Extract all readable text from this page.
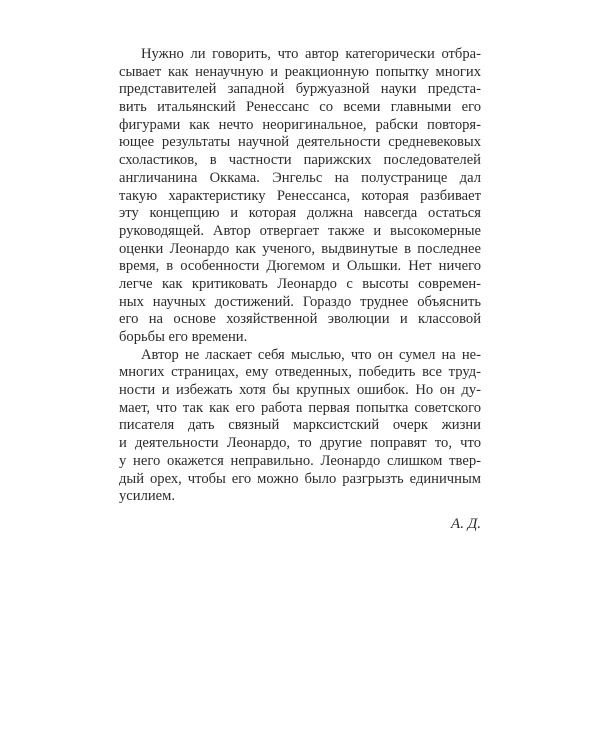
Нужно ли говорить, что автор категорически отбра-
сывает как ненаучную и реакционную попытку многих
представителей западной буржуазной науки предста-
вить итальянский Ренессанс со всеми главными его
фигурами как нечто неоригинальное, рабски повторя-
ющее результаты научной деятельности средневековых
схоластиков, в частности парижских последователей
англичанина Оккама. Энгельс на полустранице дал
такую характеристику Ренессанса, которая разбивает
эту концепцию и которая должна навсегда остаться
руководящей. Автор отвергает также и высокомерные
оценки Леонардо как ученого, выдвинутые в последнее
время, в особенности Дюгемом и Ольшки. Нет ничего
легче как критиковать Леонардо с высоты современ-
ных научных достижений. Гораздо труднее объяснить
его на основе хозяйственной эволюции и классовой
борьбы его времени.

Автор не ласкает себя мыслью, что он сумел на не-
многих страницах, ему отведенных, победить все труд-
ности и избежать хотя бы крупных ошибок. Но он ду-
мает, что так как его работа первая попытка советского
писателя дать связный марксистский очерк жизни
и деятельности Леонардо, то другие поправят то, что
у него окажется неправильно. Леонардо слишком твер-
дый орех, чтобы его можно было разгрызть единичным
усилием.

А. Д.
